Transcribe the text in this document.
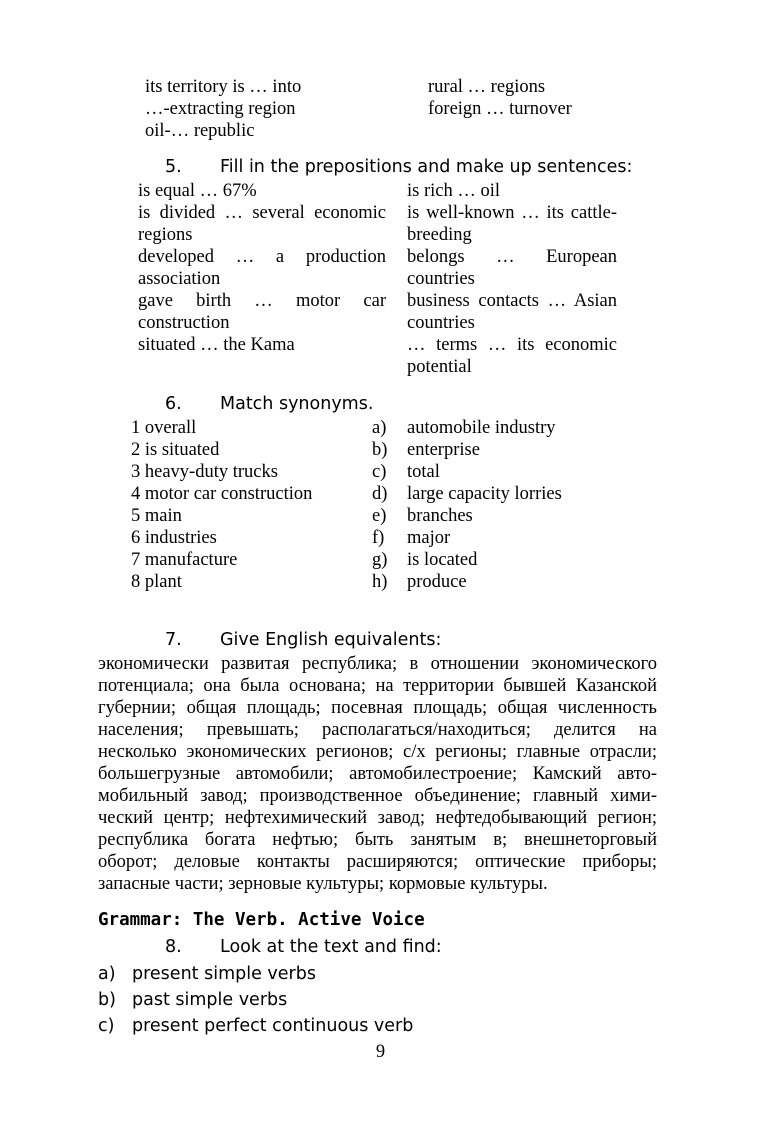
its territory is … into
…-extracting region
oil-… republic
rural … regions
foreign … turnover
5. Fill in the prepositions and make up sentences:
is equal … 67%
is divided … several economic
regions
developed … a production
association
gave birth … motor car
construction
situated … the Kama
is rich … oil
is well-known … its cattle-
breeding
belongs … European
countries
business contacts … Asian
countries
… terms … its economic
potential
6. Match synonyms.
1 overall
2 is situated
3 heavy-duty trucks
4 motor car construction
5 main
6 industries
7 manufacture
8 plant
a)
b)
c)
d)
e)
f)
g)
h)
automobile industry
enterprise
total
large capacity lorries
branches
major
is located
produce
7. Give English equivalents:
экономически развитая республика; в отношении экономического
потенциала; она была основана; на территории бывшей Казанской
губернии; общая площадь; посевная площадь; общая численность
населения; превышать; располагаться/находиться; делится на
несколько экономических регионов; с/х регионы; главные отрасли;
большегрузные автомобили; автомобилестроение; Камский авто-
мобильный завод; производственное объединение; главный хими-
ческий центр; нефтехимический завод; нефтедобывающий регион;
республика богата нефтью; быть занятым в; внешнеторговый
оборот; деловые контакты расширяются; оптические приборы;
запасные части; зерновые культуры; кормовые культуры.
Grammar: The Verb. Active Voice
8. Look at the text and find:
a) present simple verbs
b) past simple verbs
c) present perfect continuous verb
9
